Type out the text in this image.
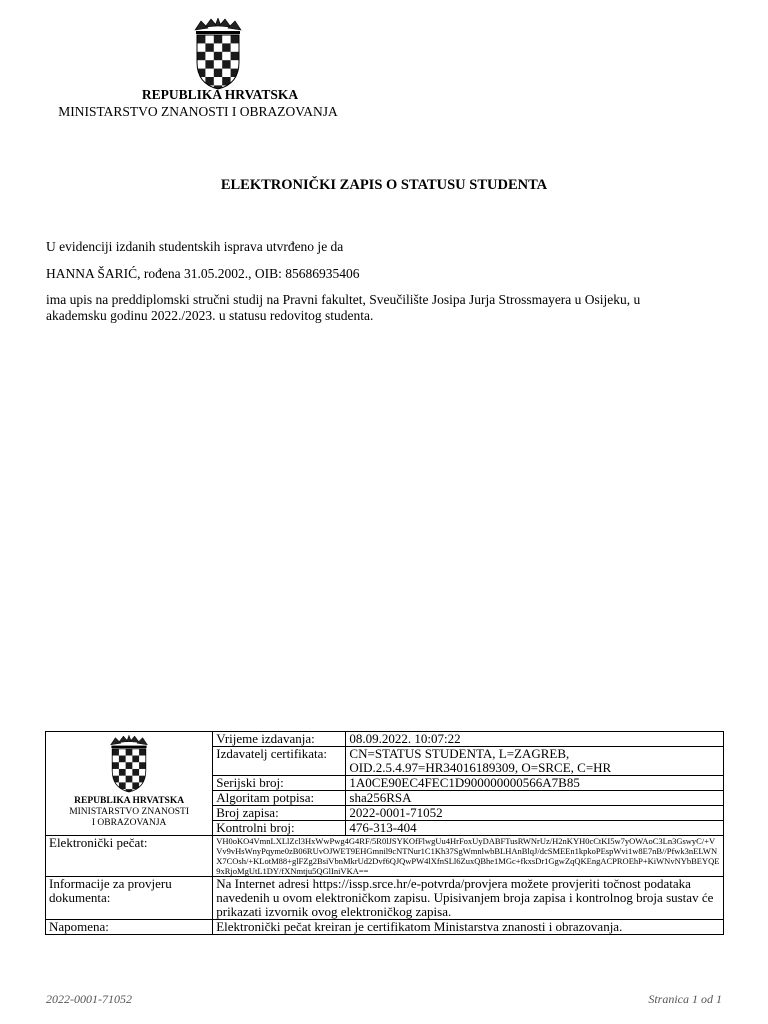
REPUBLIKA HRVATSKA
MINISTARSTVO ZNANOSTI I OBRAZOVANJA
ELEKTRONIČKI ZAPIS O STATUSU STUDENTA
U evidenciji izdanih studentskih isprava utvrđeno je da
HANNA ŠARIĆ, rođena 31.05.2002., OIB: 85686935406
ima upis na preddiplomski stručni studij na Pravni fakultet, Sveučilište Josipa Jurja Strossmayera u Osijeku, u akademsku godinu 2022./2023. u statusu redovitog studenta.
REPUBLIKA HRVATSKA
MINISTARSTVO ZNANOSTI
I OBRAZOVANJA	Vrijeme izdavanja:	08.09.2022. 10:07:22
	Izdavatelj certifikata:	CN=STATUS STUDENTA, L=ZAGREB, OID.2.5.4.97=HR34016189309, O=SRCE, C=HR
	Serijski broj:	1A0CE90EC4FEC1D900000000566A7B85
	Algoritam potpisa:	sha256RSA
	Broj zapisa:	2022-0001-71052
	Kontrolni broj:	476-313-404
Elektronički pečat:	VH0oKO4VmnLXLlZcl3HxWwPwg4G4RF/5R0lJSYKOfFlwgUu4HrFoxUyDABFTusRWNrUz/H2nKYH0cCtKI5w7yOWAoC3Ln3GswyC/+VVv9vHsWnyPqyme0zB06RUvOJWET9EHGmnil9cNTNur1C1Kh37SgWmnlwbBLHAnBlqJ/dcSMEEn1kpkoPEspWvi1w8E7nB//Pfwk3nELWNX7COsh/+KLotM88+glFZg2BsiVbnMkrUd2Dvf6QJQwPW4lXfnSLl6ZuxQBhe1MGc+fkxsDr1GgwZqQKEngACPROEhP+KiWNvNYbBEYQE9xRjoMgUtL1DY/fXNmtju5QGlIniVKA==	
Informacije za provjeru dokumenta:	Na Internet adresi https://issp.srce.hr/e-potvrda/provjera možete provjeriti točnost podataka navedenih u ovom elektroničkom zapisu. Upisivanjem broja zapisa i kontrolnog broja sustav će prikazati izvornik ovog elektroničkog zapisa.	
Napomena:	Elektronički pečat kreiran je certifikatom Ministarstva znanosti i obrazovanja.	
2022-0001-71052	Stranica 1 od 1
